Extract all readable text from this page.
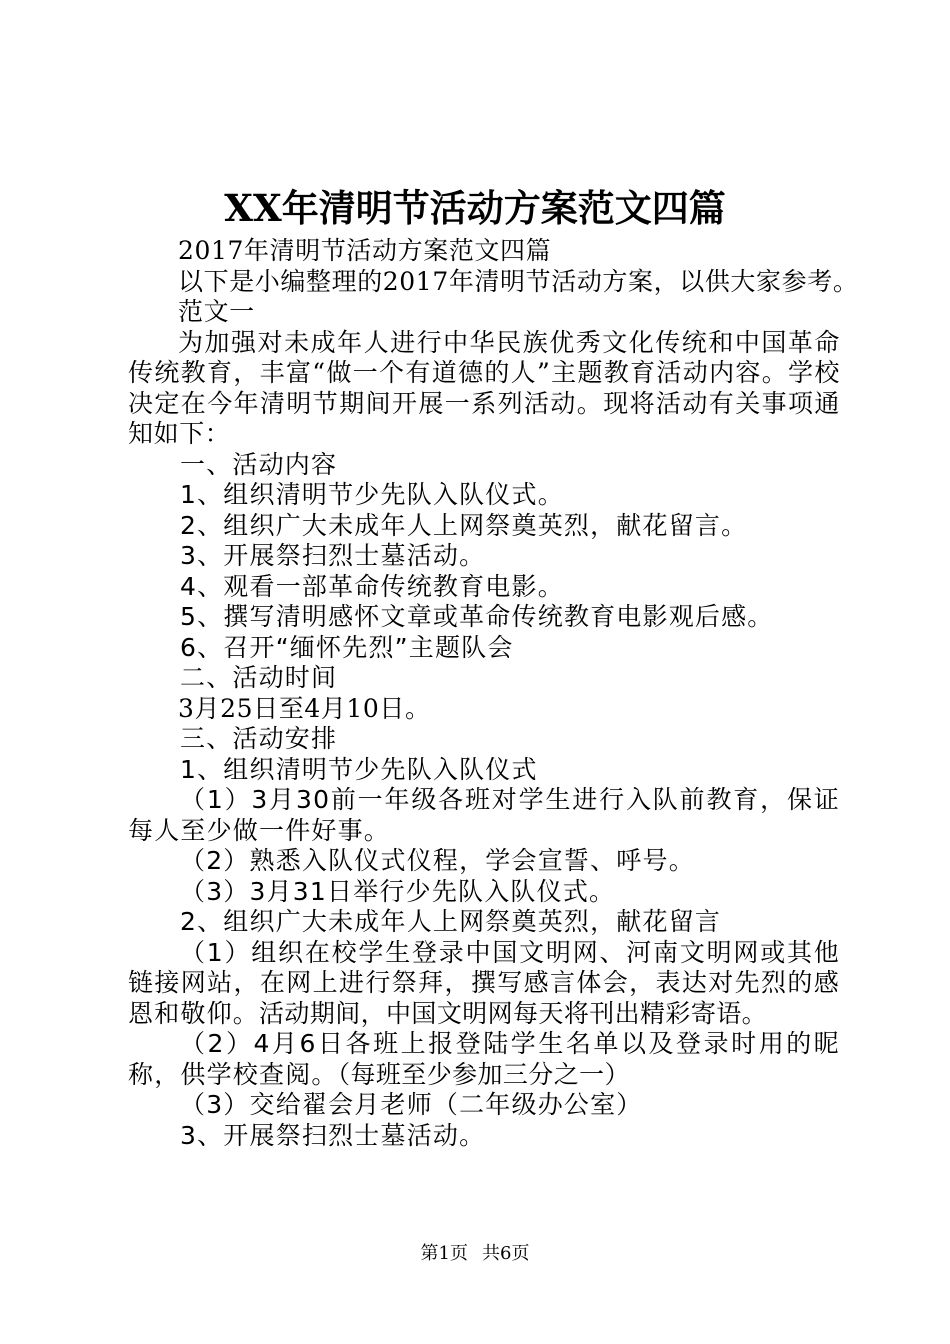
XX年清明节活动方案范文四篇

2017年清明节活动方案范文四篇

以下是小编整理的2017年清明节活动方案，以供大家参考。

范文一

为加强对未成年人进行中华民族优秀文化传统和中国革命传统教育，丰富“做一个有道德的人”主题教育活动内容。学校决定在今年清明节期间开展一系列活动。现将活动有关事项通知如下：

一、活动内容

1、组织清明节少先队入队仪式。

2、组织广大未成年人上网祭奠英烈，献花留言。

3、开展祭扫烈士墓活动。

4、观看一部革命传统教育电影。

5、撰写清明感怀文章或革命传统教育电影观后感。

6、召开“缅怀先烈”主题队会

二、活动时间

3月25日至4月10日。

三、活动安排

1、组织清明节少先队入队仪式

（1）3月30前一年级各班对学生进行入队前教育，保证每人至少做一件好事。

（2）熟悉入队仪式仪程，学会宣誓、呼号。

（3）3月31日举行少先队入队仪式。

2、组织广大未成年人上网祭奠英烈，献花留言

（1）组织在校学生登录中国文明网、河南文明网或其他链接网站，在网上进行祭拜，撰写感言体会，表达对先烈的感恩和敬仰。活动期间，中国文明网每天将刊出精彩寄语。

（2）4月6日各班上报登陆学生名单以及登录时用的昵称，供学校查阅。（每班至少参加三分之一）

（3）交给翟会月老师（二年级办公室）

3、开展祭扫烈士墓活动。

第1页 共6页
